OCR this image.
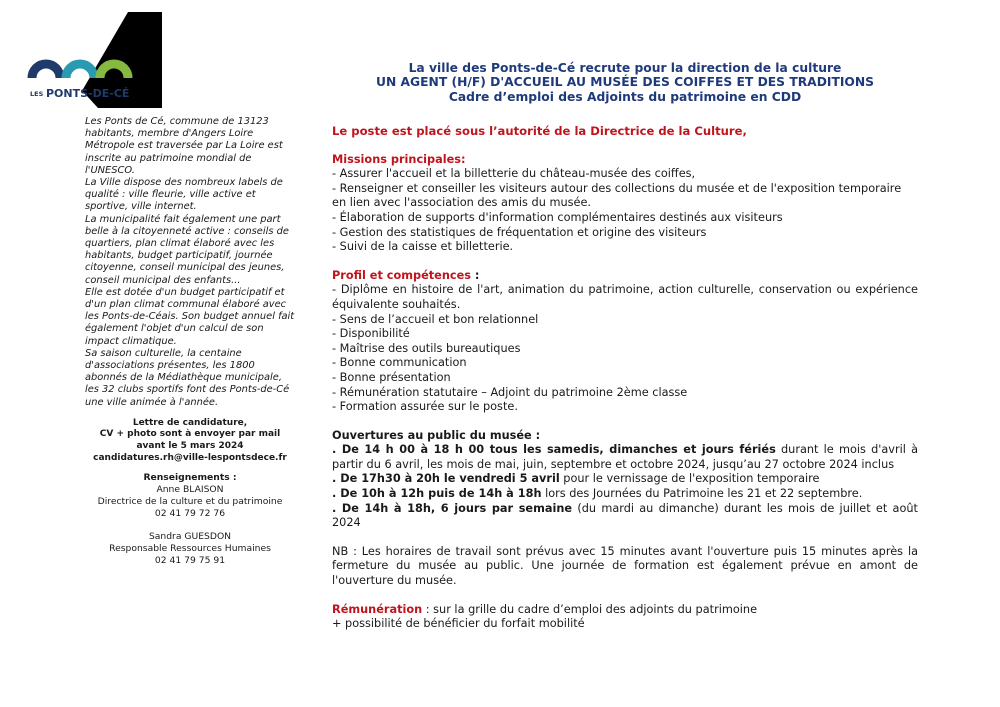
LES PONTS-DE-CÉ

Les Ponts de Cé, commune de 13123 habitants, membre d'Angers Loire Métropole est traversée par La Loire est inscrite au patrimoine mondial de l'UNESCO.

La Ville dispose des nombreux labels de qualité : ville fleurie, ville active et sportive, ville internet.

La municipalité fait également une part belle à la citoyenneté active : conseils de quartiers, plan climat élaboré avec les habitants, budget participatif, journée citoyenne, conseil municipal des jeunes, conseil municipal des enfants...

Elle est dotée d'un budget participatif et d'un plan climat communal élaboré avec les Ponts-de-Céais. Son budget annuel fait également l'objet d'un calcul de son impact climatique.

Sa saison culturelle, la centaine d'associations présentes, les 1800 abonnés de la Médiathèque municipale, les 32 clubs sportifs font des Ponts-de-Cé une ville animée à l'année.

Lettre de candidature,
CV + photo sont à envoyer par mail
avant le 5 mars 2024
candidatures.rh@ville-lespontsdece.fr
Renseignements :
Anne BLAISON
Directrice de la culture et du patrimoine
02 41 79 72 76
Sandra GUESDON
Responsable Ressources Humaines
02 41 79 75 91
La ville des Ponts-de-Cé recrute pour la direction de la culture
UN AGENT (H/F) D'ACCUEIL AU MUSÉE DES COIFFES ET DES TRADITIONS
Cadre d’emploi des Adjoints du patrimoine en CDD
Le poste est placé sous l’autorité de la Directrice de la Culture,
Missions principales:
- Assurer l'accueil et la billetterie du château-musée des coiffes,
- Renseigner et conseiller les visiteurs autour des collections du musée et de l'exposition temporaire en lien avec l'association des amis du musée.
- Élaboration de supports d'information complémentaires destinés aux visiteurs
- Gestion des statistiques de fréquentation et origine des visiteurs
- Suivi de la caisse et billetterie.
Profil et compétences :
- Diplôme en histoire de l'art, animation du patrimoine, action culturelle, conservation ou expérience équivalente souhaités.
- Sens de l’accueil et bon relationnel
- Disponibilité
- Maîtrise des outils bureautiques
- Bonne communication
- Bonne présentation
- Rémunération statutaire – Adjoint du patrimoine 2ème classe
- Formation assurée sur le poste.
Ouvertures au public du musée :
. De 14 h 00 à 18 h 00 tous les samedis, dimanches et jours fériés durant le mois d'avril à partir du 6 avril, les mois de mai, juin, septembre et octobre 2024, jusqu’au 27 octobre 2024 inclus
. De 17h30 à 20h le vendredi 5 avril pour le vernissage de l'exposition temporaire
. De 10h à 12h puis de 14h à 18h lors des Journées du Patrimoine les 21 et 22 septembre.
. De 14h à 18h, 6 jours par semaine (du mardi au dimanche) durant les mois de juillet et août 2024
NB : Les horaires de travail sont prévus avec 15 minutes avant l'ouverture puis 15 minutes après la fermeture du musée au public. Une journée de formation est également prévue en amont de l'ouverture du musée.
Rémunération : sur la grille du cadre d’emploi des adjoints du patrimoine
+ possibilité de bénéficier du forfait mobilité
